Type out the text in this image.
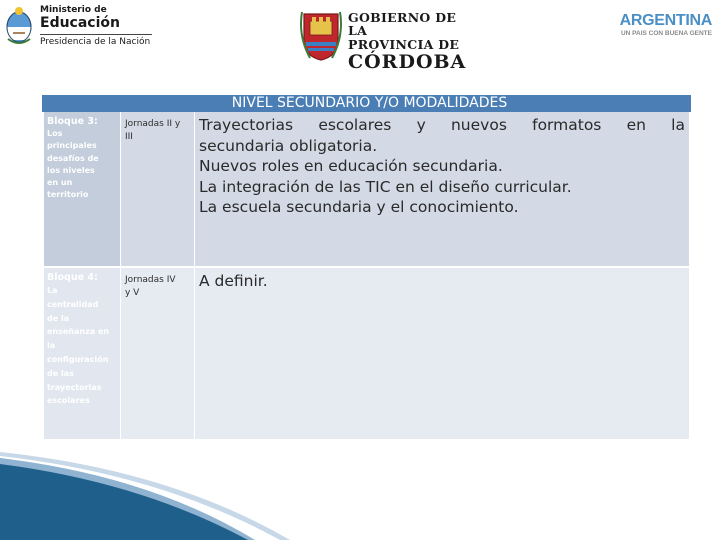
Ministerio de
Educación
Presidencia de la Nación
GOBIERNO DE LA
PROVINCIA DE
CÓRDOBA
ARGENTINA
UN PAIS CON BUENA GENTE
NIVEL SECUNDARIO Y/O MODALIDADES
Bloque 3:
Los
principales
desafíos de
los niveles
en un
territorio
Jornadas II y
III
Trayectorias escolares y nuevos formatos en la
secundaria obligatoria.
Nuevos roles en educación secundaria.
La integración de las TIC en el diseño curricular.
La escuela secundaria y el conocimiento.
Bloque 4:
La
centralidad
de la
enseñanza en
la
configuración
de las
trayectorias
escolares
Jornadas IV
y V
A definir.
